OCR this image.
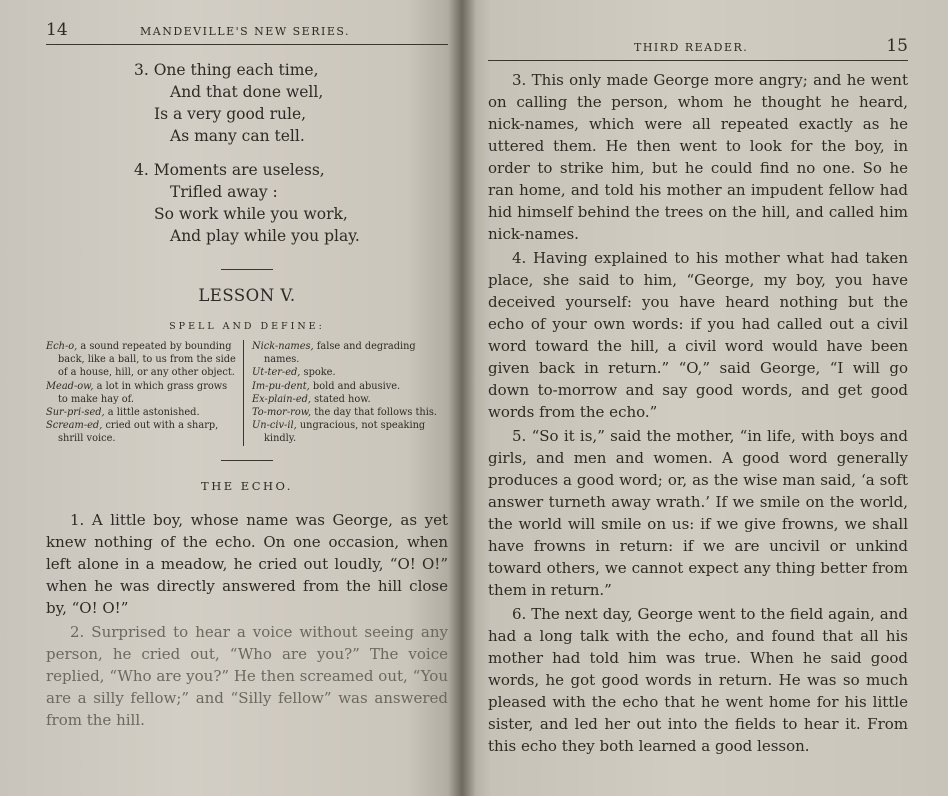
14	MANDEVILLE'S NEW SERIES.
3. One thing each time,
And that done well,
Is a very good rule,
As many can tell.
4. Moments are useless,
Trifled away :
So work while you work,
And play while you play.
LESSON V.
SPELL AND DEFINE:
Ech-o, a sound repeated by bounding back, like a ball, to us from the side of a house, hill, or any other object.
Mead-ow, a lot in which grass grows to make hay of.
Sur-pri-sed, a little astonished.
Scream-ed, cried out with a sharp, shrill voice.
Nick-names, false and degrading names.
Ut-ter-ed, spoke.
Im-pu-dent, bold and abusive.
Ex-plain-ed, stated how.
To-mor-row, the day that follows this.
Un-civ-il, ungracious, not speaking kindly.
THE ECHO.

1. A little boy, whose name was George, as yet knew nothing of the echo. On one occasion, when left alone in a meadow, he cried out loudly, “O! O!” when he was directly answered from the hill close by, “O! O!”

2. Surprised to hear a voice without seeing any person, he cried out, “Who are you?” The voice replied, “Who are you?” He then screamed out, “You are a silly fellow;” and “Silly fellow” was answered from the hill.

THIRD READER.	15

3. This only made George more angry; and he went on calling the person, whom he thought he heard, nick-names, which were all repeated exactly as he uttered them. He then went to look for the boy, in order to strike him, but he could find no one. So he ran home, and told his mother an impudent fellow had hid himself behind the trees on the hill, and called him nick-names.

4. Having explained to his mother what had taken place, she said to him, “George, my boy, you have deceived yourself: you have heard nothing but the echo of your own words: if you had called out a civil word toward the hill, a civil word would have been given back in return.” “O,” said George, “I will go down to-morrow and say good words, and get good words from the echo.”

5. “So it is,” said the mother, “in life, with boys and girls, and men and women. A good word generally produces a good word; or, as the wise man said, ‘a soft answer turneth away wrath.’ If we smile on the world, the world will smile on us: if we give frowns, we shall have frowns in return: if we are uncivil or unkind toward others, we cannot expect any thing better from them in return.”

6. The next day, George went to the field again, and had a long talk with the echo, and found that all his mother had told him was true. When he said good words, he got good words in return. He was so much pleased with the echo that he went home for his little sister, and led her out into the fields to hear it. From this echo they both learned a good lesson.
